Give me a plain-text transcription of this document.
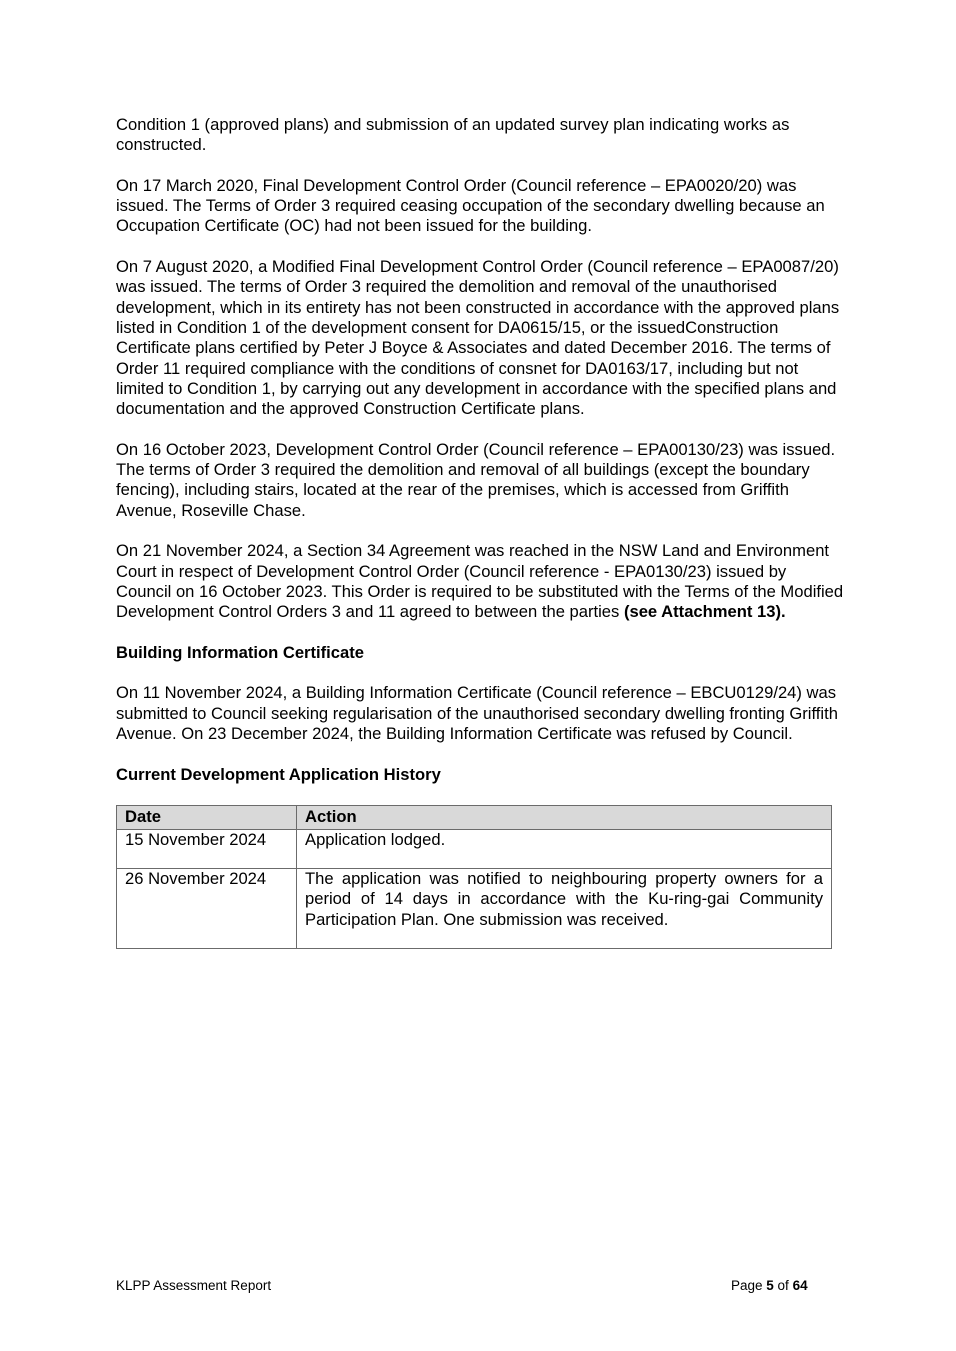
Condition 1 (approved plans) and submission of an updated survey plan indicating works as constructed.

On 17 March 2020, Final Development Control Order (Council reference – EPA0020/20) was issued. The Terms of Order 3 required ceasing occupation of the secondary dwelling because an Occupation Certificate (OC) had not been issued for the building.

On 7 August 2020, a Modified Final Development Control Order (Council reference – EPA0087/20) was issued. The terms of Order 3 required the demolition and removal of the unauthorised development, which in its entirety has not been constructed in accordance with the approved plans listed in Condition 1 of the development consent for DA0615/15, or the issuedConstruction Certificate plans certified by Peter J Boyce & Associates and dated December 2016. The terms of Order 11 required compliance with the conditions of consnet for DA0163/17, including but not limited to Condition 1, by carrying out any development in accordance with the specified plans and documentation and the approved Construction Certificate plans.

On 16 October 2023, Development Control Order (Council reference – EPA00130/23) was issued. The terms of Order 3 required the demolition and removal of all buildings (except the boundary fencing), including stairs, located at the rear of the premises, which is accessed from Griffith Avenue, Roseville Chase.

On 21 November 2024, a Section 34 Agreement was reached in the NSW Land and Environment Court in respect of Development Control Order (Council reference - EPA0130/23) issued by Council on 16 October 2023. This Order is required to be substituted with the Terms of the Modified Development Control Orders 3 and 11 agreed to between the parties (see Attachment 13).

Building Information Certificate

On 11 November 2024, a Building Information Certificate (Council reference – EBCU0129/24) was submitted to Council seeking regularisation of the unauthorised secondary dwelling fronting Griffith Avenue. On 23 December 2024, the Building Information Certificate was refused by Council.

Current Development Application History

Date	Action
15 November 2024	Application lodged.
26 November 2024	The application was notified to neighbouring property owners for a period of 14 days in accordance with the Ku-ring-gai Community Participation Plan. One submission was received.
KLPP Assessment Report	Page 5 of 64
